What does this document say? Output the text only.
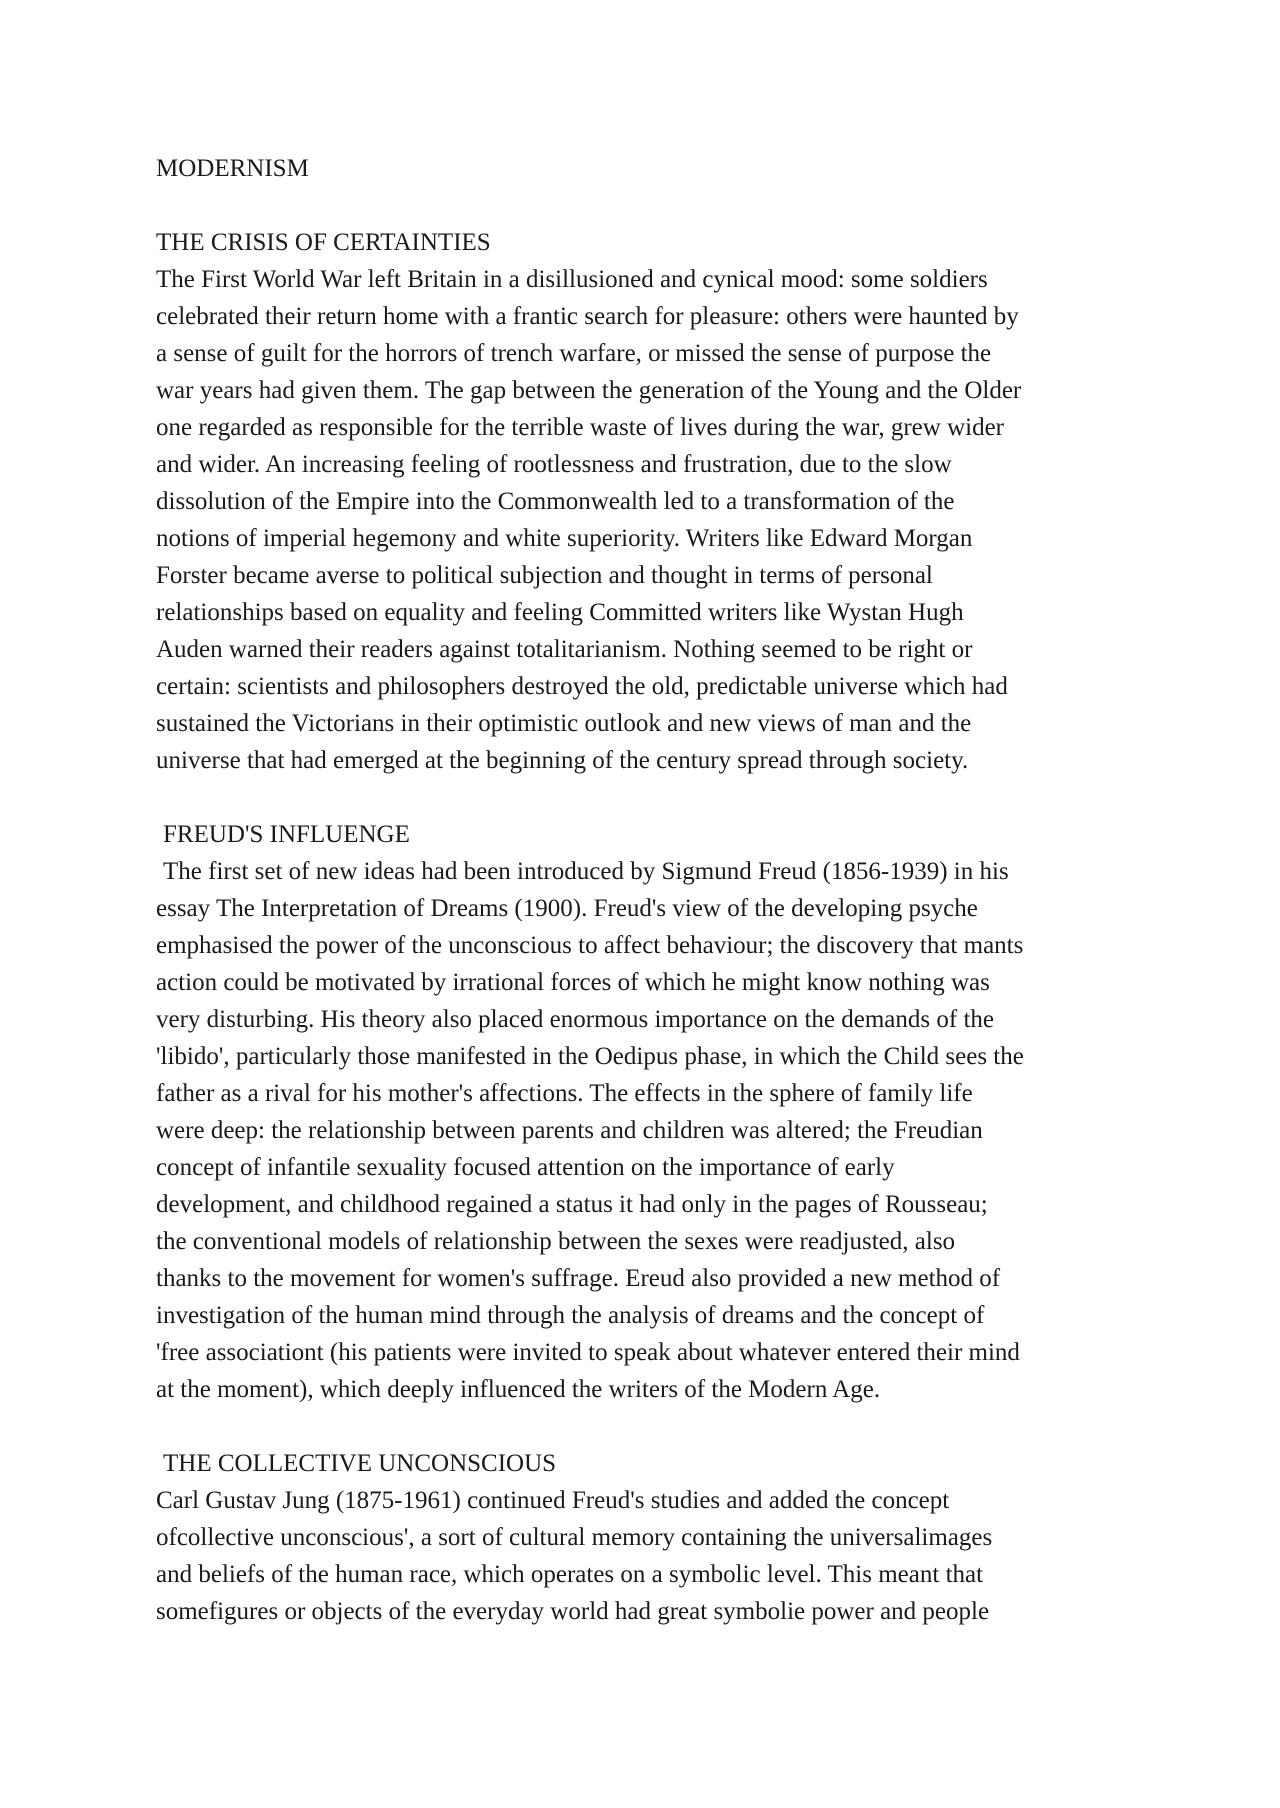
MODERNISM
THE CRISIS OF CERTAINTIES

The First World War left Britain in a disillusioned and cynical mood: some soldiers
celebrated their return home with a frantic search for pleasure: others were haunted by
a sense of guilt for the horrors of trench warfare, or missed the sense of purpose the
war years had given them. The gap between the generation of the Young and the Older
one regarded as responsible for the terrible waste of lives during the war, grew wider
and wider. An increasing feeling of rootlessness and frustration, due to the slow
dissolution of the Empire into the Commonwealth led to a transformation of the
notions of imperial hegemony and white superiority. Writers like Edward Morgan
Forster became averse to political subjection and thought in terms of personal
relationships based on equality and feeling Committed writers like Wystan Hugh
Auden warned their readers against totalitarianism. Nothing seemed to be right or
certain: scientists and philosophers destroyed the old, predictable universe which had
sustained the Victorians in their optimistic outlook and new views of man and the
universe that had emerged at the beginning of the century spread through society.

FREUD'S INFLUENGE

The first set of new ideas had been introduced by Sigmund Freud (1856-1939) in his
essay The Interpretation of Dreams (1900). Freud's view of the developing psyche
emphasised the power of the unconscious to affect behaviour; the discovery that mants
action could be motivated by irrational forces of which he might know nothing was
very disturbing. His theory also placed enormous importance on the demands of the
'libido', particularly those manifested in the Oedipus phase, in which the Child sees the
father as a rival for his mother's affections. The effects in the sphere of family life
were deep: the relationship between parents and children was altered; the Freudian
concept of infantile sexuality focused attention on the importance of early
development, and childhood regained a status it had only in the pages of Rousseau;
the conventional models of relationship between the sexes were readjusted, also
thanks to the movement for women's suffrage. Ereud also provided a new method of
investigation of the human mind through the analysis of dreams and the concept of
'free associationt (his patients were invited to speak about whatever entered their mind
at the moment), which deeply influenced the writers of the Modern Age.

THE COLLECTIVE UNCONSCIOUS

Carl Gustav Jung (1875-1961) continued Freud's studies and added the concept
ofcollective unconscious', a sort of cultural memory containing the universalimages
and beliefs of the human race, which operates on a symbolic level. This meant that
somefigures or objects of the everyday world had great symbolie power and people
